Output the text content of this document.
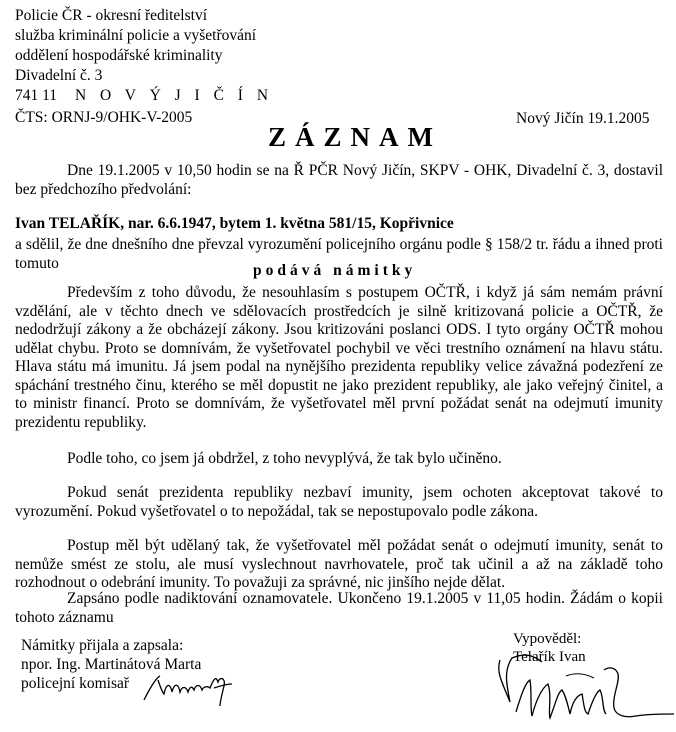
Policie ČR - okresní ředitelství
služba kriminální policie a vyšetřování
oddělení hospodářské kriminality
Divadelní č. 3
741 11 N O V Ý J I Č Í N
ČTS: ORNJ-9/OHK-V-2005	Nový Jičín 19.1.2005
ZÁZNAM
Dne 19.1.2005 v 10,50 hodin se na Ř PČR Nový Jičín, SKPV - OHK, Divadelní č. 3, dostavil bez předchozího předvolání:
Ivan TELAŘÍK, nar. 6.6.1947, bytem 1. května 581/15, Kopřivnice
a sdělil, že dne dnešního dne převzal vyrozumění policejního orgánu podle § 158/2 tr. řádu a ihned proti tomuto	podává námitky
Především z toho důvodu, že nesouhlasím s postupem OČTŘ, i když já sám nemám právní vzdělání, ale v těchto dnech ve sdělovacích prostředcích je silně kritizovaná policie a OČTŘ, že nedodržují zákony a že obcházejí zákony. Jsou kritizováni poslanci ODS. I tyto orgány OČTŘ mohou udělat chybu. Proto se domnívám, že vyšetřovatel pochybil ve věci trestního oznámení na hlavu státu. Hlava státu má imunitu. Já jsem podal na nynějšího prezidenta republiky velice závažná podezření ze spáchání trestného činu, kterého se měl dopustit ne jako prezident republiky, ale jako veřejný činitel, a to ministr financí. Proto se domnívám, že vyšetřovatel měl první požádat senát na odejmutí imunity prezidentu republiky.
Podle toho, co jsem já obdržel, z toho nevyplývá, že tak bylo učiněno.
Pokud senát prezidenta republiky nezbaví imunity, jsem ochoten akceptovat takové to vyrozumění. Pokud vyšetřovatel o to nepožádal, tak se nepostupovalo podle zákona.
Postup měl být udělaný tak, že vyšetřovatel měl požádat senát o odejmutí imunity, senát to nemůže smést ze stolu, ale musí vyslechnout navrhovatele, proč tak učinil a až na základě toho rozhodnout o odebrání imunity. To považuji za správné, nic jinšího nejde dělat.
Zapsáno podle nadiktování oznamovatele. Ukončeno 19.1.2005 v 11,05 hodin. Žádám o kopii tohoto záznamu
Námitky přijala a zapsala:
npor. Ing. Martinátová Marta
policejní komisař
Vypověděl:
Telařík Ivan
